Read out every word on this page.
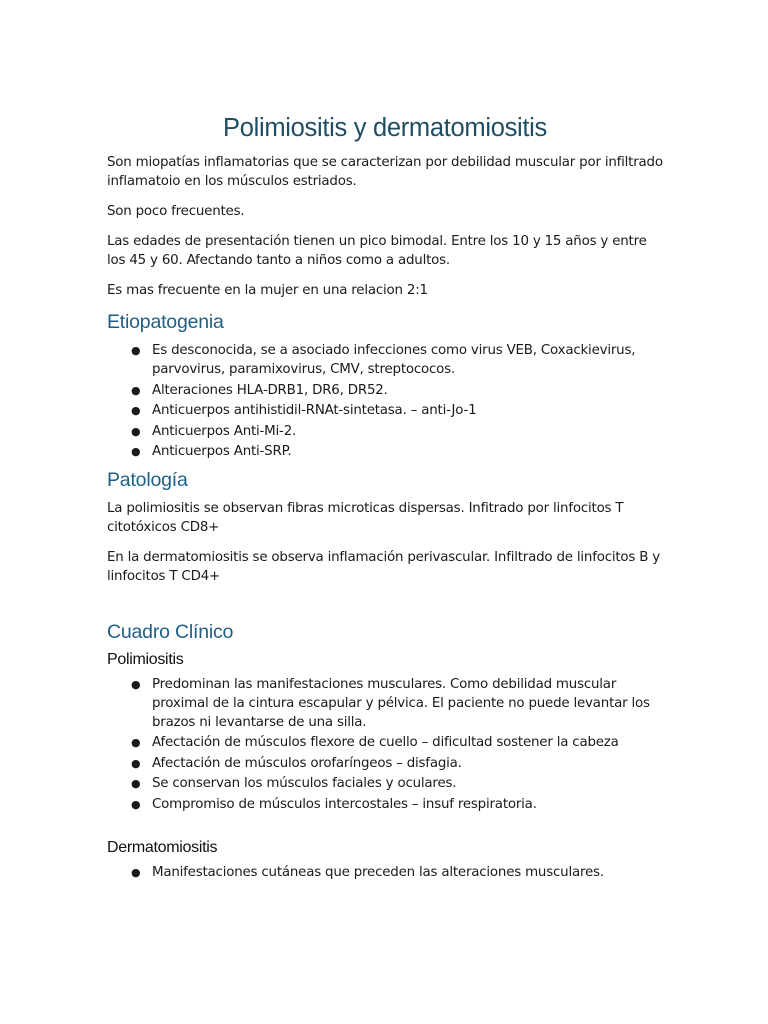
Polimiositis y dermatomiositis

Son miopatías inflamatorias que se caracterizan por debilidad muscular por infiltrado inflamatoio en los músculos estriados.

Son poco frecuentes.

Las edades de presentación tienen un pico bimodal. Entre los 10 y 15 años y entre los 45 y 60. Afectando tanto a niños como a adultos.

Es mas frecuente en la mujer en una relacion 2:1

Etiopatogenia
● Es desconocida, se a asociado infecciones como virus VEB, Coxackievirus, parvovirus, paramixovirus, CMV, streptococos.
● Alteraciones HLA-DRB1, DR6, DR52.
● Anticuerpos antihistidil-RNAt-sintetasa. – anti-Jo-1
● Anticuerpos Anti-Mi-2.
● Anticuerpos Anti-SRP.
Patología

La polimiositis se observan fibras microticas dispersas. Infitrado por linfocitos T citotóxicos CD8+

En la dermatomiositis se observa inflamación perivascular. Infiltrado de linfocitos B y linfocitos T CD4+

Cuadro Clínico
Polimiositis
● Predominan las manifestaciones musculares. Como debilidad muscular proximal de la cintura escapular y pélvica. El paciente no puede levantar los brazos ni levantarse de una silla.
● Afectación de músculos flexore de cuello – dificultad sostener la cabeza
● Afectación de músculos orofaríngeos – disfagia.
● Se conservan los músculos faciales y oculares.
● Compromiso de músculos intercostales – insuf respiratoria.
Dermatomiositis
● Manifestaciones cutáneas que preceden las alteraciones musculares.
